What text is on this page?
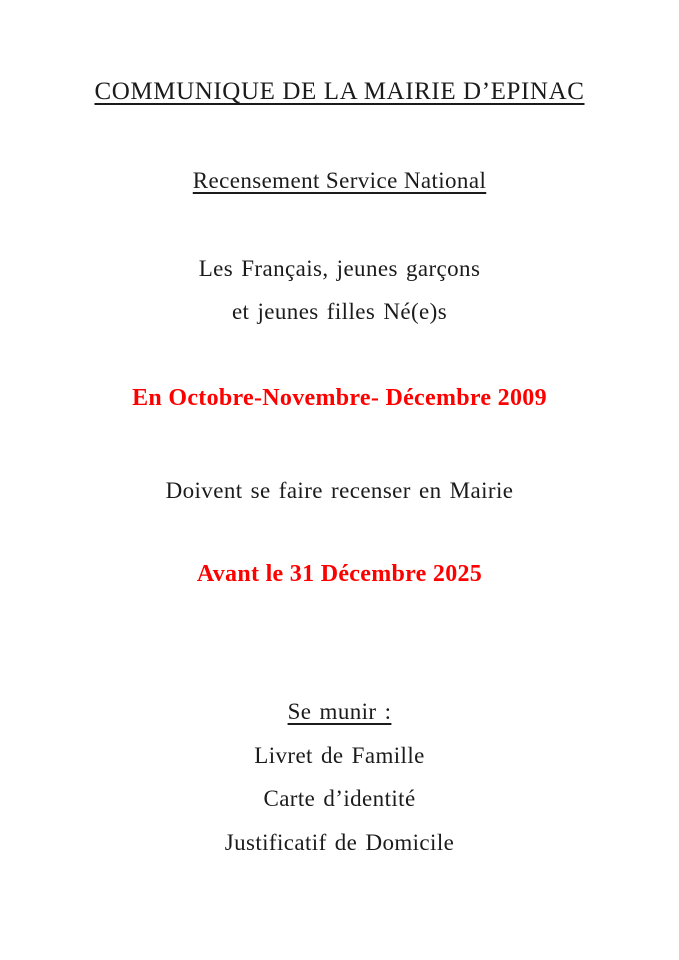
COMMUNIQUE DE LA MAIRIE D’EPINAC

Recensement Service National

Les Français, jeunes garçons

et jeunes filles Né(e)s

En Octobre-Novembre- Décembre 2009

Doivent se faire recenser en Mairie

Avant le 31 Décembre 2025

Se munir :

Livret de Famille

Carte d’identité

Justificatif de Domicile
